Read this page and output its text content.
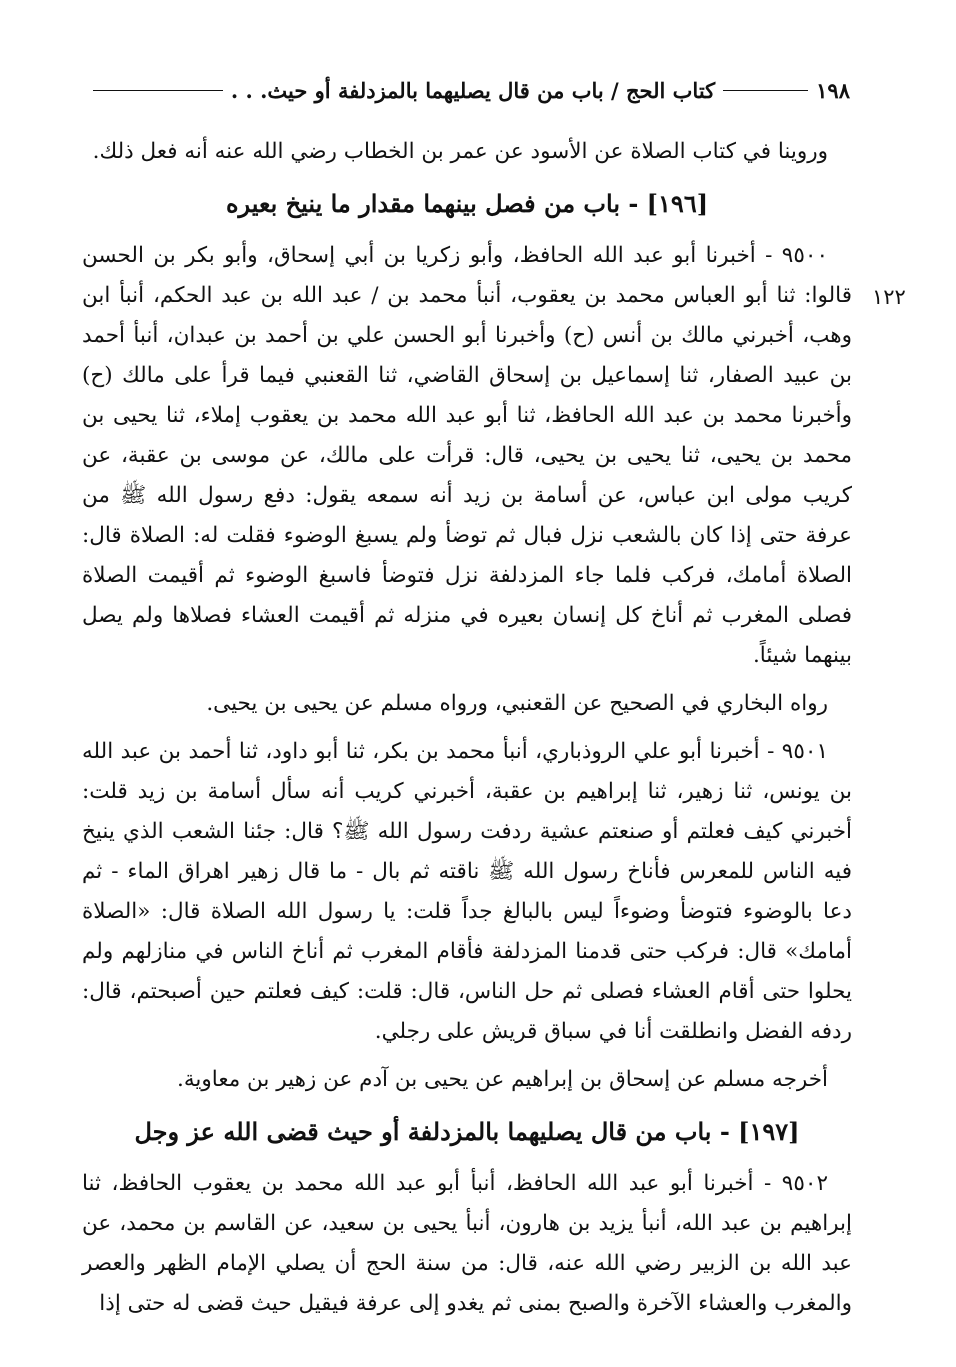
١٩٨
كتاب الحج / باب من قال يصليهما بالمزدلفة أو حيث. . .
١٢٢

وروينا في كتاب الصلاة عن الأسود عن عمر بن الخطاب رضي الله عنه أنه فعل ذلك.

[١٩٦] - باب من فصل بينهما مقدار ما ينيخ بعيره

٩٥٠٠ - أخبرنا أبو عبد الله الحافظ، وأبو زكريا بن أبي إسحاق، وأبو بكر بن الحسن قالوا: ثنا أبو العباس محمد بن يعقوب، أنبأ محمد بن / عبد الله بن عبد الحكم، أنبأ ابن وهب، أخبرني مالك بن أنس (ح) وأخبرنا أبو الحسن علي بن أحمد بن عبدان، أنبأ أحمد بن عبيد الصفار، ثنا إسماعيل بن إسحاق القاضي، ثنا القعنبي فيما قرأ على مالك (ح) وأخبرنا محمد بن عبد الله الحافظ، ثنا أبو عبد الله محمد بن يعقوب إملاء، ثنا يحيى بن محمد بن يحيى، ثنا يحيى بن يحيى، قال: قرأت على مالك، عن موسى بن عقبة، عن كريب مولى ابن عباس، عن أسامة بن زيد أنه سمعه يقول: دفع رسول الله ﷺ من عرفة حتى إذا كان بالشعب نزل فبال ثم توضأ ولم يسبغ الوضوء فقلت له: الصلاة قال: الصلاة أمامك، فركب فلما جاء المزدلفة نزل فتوضأ فاسبغ الوضوء ثم أقيمت الصلاة فصلى المغرب ثم أناخ كل إنسان بعيره في منزله ثم أقيمت العشاء فصلاها ولم يصل بينهما شيئاً.

رواه البخاري في الصحيح عن القعنبي، ورواه مسلم عن يحيى بن يحيى.

٩٥٠١ - أخبرنا أبو علي الروذباري، أنبأ محمد بن بكر، ثنا أبو داود، ثنا أحمد بن عبد الله بن يونس، ثنا زهير، ثنا إبراهيم بن عقبة، أخبرني كريب أنه سأل أسامة بن زيد قلت: أخبرني كيف فعلتم أو صنعتم عشية ردفت رسول الله ﷺ؟ قال: جئنا الشعب الذي ينيخ فيه الناس للمعرس فأناخ رسول الله ﷺ ناقته ثم بال - ما قال زهير اهراق الماء - ثم دعا بالوضوء فتوضأ وضوءاً ليس بالبالغ جداً قلت: يا رسول الله الصلاة قال: «الصلاة أمامك» قال: فركب حتى قدمنا المزدلفة فأقام المغرب ثم أناخ الناس في منازلهم ولم يحلوا حتى أقام العشاء فصلى ثم حل الناس، قال: قلت: كيف فعلتم حين أصبحتم، قال: ردفه الفضل وانطلقت أنا في سباق قريش على رجلي.

أخرجه مسلم عن إسحاق بن إبراهيم عن يحيى بن آدم عن زهير بن معاوية.

[١٩٧] - باب من قال يصليهما بالمزدلفة أو حيث قضى الله عز وجل

٩٥٠٢ - أخبرنا أبو عبد الله الحافظ، أنبأ أبو عبد الله محمد بن يعقوب الحافظ، ثنا إبراهيم بن عبد الله، أنبأ يزيد بن هارون، أنبأ يحيى بن سعيد، عن القاسم بن محمد، عن عبد الله بن الزبير رضي الله عنه، قال: من سنة الحج أن يصلي الإمام الظهر والعصر والمغرب والعشاء الآخرة والصبح بمنى ثم يغدو إلى عرفة فيقيل حيث قضى له حتى إذا
